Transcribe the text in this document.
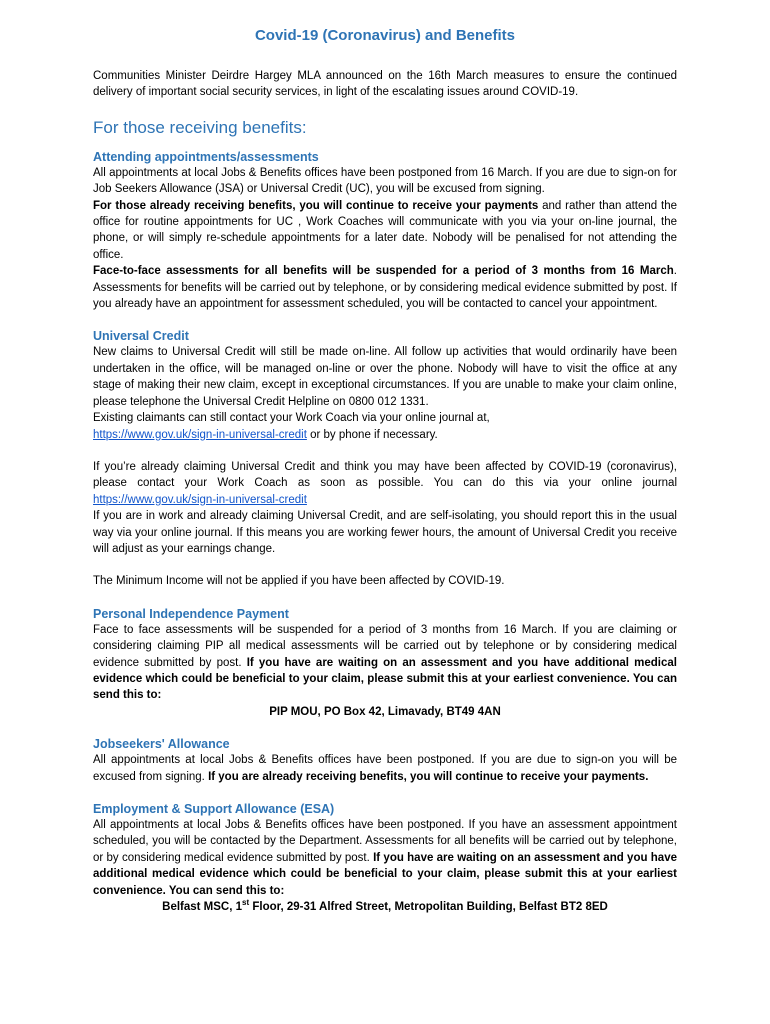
Covid-19 (Coronavirus) and Benefits

Communities Minister Deirdre Hargey MLA announced on the 16th March measures to ensure the continued delivery of important social security services, in light of the escalating issues around COVID-19.

For those receiving benefits:
Attending appointments/assessments

All appointments at local Jobs & Benefits offices have been postponed from 16 March. If you are due to sign-on for Job Seekers Allowance (JSA) or Universal Credit (UC), you will be excused from signing.

For those already receiving benefits, you will continue to receive your payments and rather than attend the office for routine appointments for UC , Work Coaches will communicate with you via your on-line journal, the phone, or will simply re-schedule appointments for a later date. Nobody will be penalised for not attending the office.

Face-to-face assessments for all benefits will be suspended for a period of 3 months from 16 March. Assessments for benefits will be carried out by telephone, or by considering medical evidence submitted by post. If you already have an appointment for assessment scheduled, you will be contacted to cancel your appointment.

Universal Credit

New claims to Universal Credit will still be made on-line. All follow up activities that would ordinarily have been undertaken in the office, will be managed on-line or over the phone. Nobody will have to visit the office at any stage of making their new claim, except in exceptional circumstances. If you are unable to make your claim online, please telephone the Universal Credit Helpline on 0800 012 1331.

Existing claimants can still contact your Work Coach via your online journal at,
https://www.gov.uk/sign-in-universal-credit or by phone if necessary.

If you’re already claiming Universal Credit and think you may have been affected by COVID-19 (coronavirus), please contact your Work Coach as soon as possible. You can do this via your online journal https://www.gov.uk/sign-in-universal-credit

If you are in work and already claiming Universal Credit, and are self-isolating, you should report this in the usual way via your online journal. If this means you are working fewer hours, the amount of Universal Credit you receive will adjust as your earnings change.

The Minimum Income will not be applied if you have been affected by COVID-19.

Personal Independence Payment

Face to face assessments will be suspended for a period of 3 months from 16 March. If you are claiming or considering claiming PIP all medical assessments will be carried out by telephone or by considering medical evidence submitted by post. If you have are waiting on an assessment and you have additional medical evidence which could be beneficial to your claim, please submit this at your earliest convenience. You can send this to:

PIP MOU, PO Box 42, Limavady, BT49 4AN

Jobseekers' Allowance

All appointments at local Jobs & Benefits offices have been postponed. If you are due to sign-on you will be excused from signing. If you are already receiving benefits, you will continue to receive your payments.

Employment & Support Allowance (ESA)

All appointments at local Jobs & Benefits offices have been postponed. If you have an assessment appointment scheduled, you will be contacted by the Department. Assessments for all benefits will be carried out by telephone, or by considering medical evidence submitted by post. If you have are waiting on an assessment and you have additional medical evidence which could be beneficial to your claim, please submit this at your earliest convenience. You can send this to:

Belfast MSC, 1st Floor, 29-31 Alfred Street, Metropolitan Building, Belfast BT2 8ED
